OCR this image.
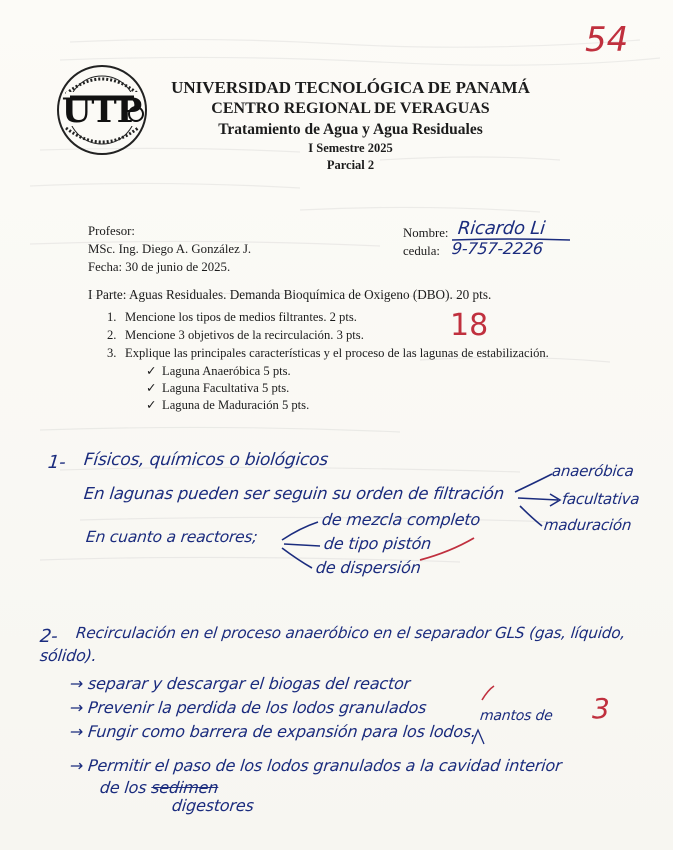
UTP
UNIVERSIDAD TECNOLÓGICA DE PANAMÁ
CENTRO REGIONAL DE VERAGUAS
Tratamiento de Agua y Agua Residuales
I Semestre 2025
Parcial 2
54
Profesor:
MSc. Ing. Diego A. González J.
Fecha: 30 de junio de 2025.
Nombre:
cedula:
Ricardo Li
9-757-2226
I Parte: Aguas Residuales. Demanda Bioquímica de Oxigeno (DBO). 20 pts.
1. Mencione los tipos de medios filtrantes. 2 pts.
2. Mencione 3 objetivos de la recirculación. 3 pts.
3. Explique las principales características y el proceso de las lagunas de estabilización.
✓ Laguna Anaeróbica 5 pts.
✓ Laguna Facultativa 5 pts.
✓ Laguna de Maduración 5 pts.
18
1- Físicos, químicos o biológicos
En lagunas pueden ser seguin su orden de filtración
anaeróbica
facultativa
maduración
En cuanto a reactores;
de mezcla completo
de tipo pistón
de dispersión
2- Recirculación en el proceso anaeróbico en el separador GLS (gas, líquido,
sólido).
→ separar y descargar el biogas del reactor
→ Prevenir la perdida de los lodos granulados	mantos de
→ Fungir como barrera de expansión para los lodos.
→ Permitir el paso de los lodos granulados a la cavidad interior
de los sedimen
digestores
3
